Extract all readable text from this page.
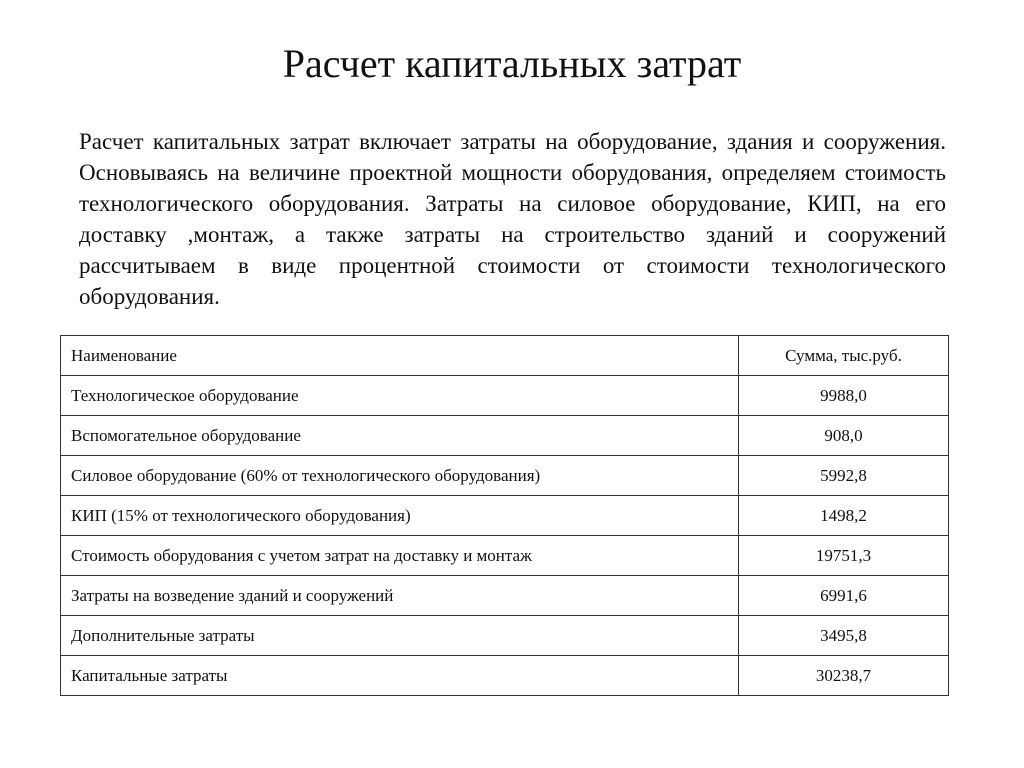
Расчет капитальных затрат
Расчет капитальных затрат включает затраты на оборудование, здания и сооружения. Основываясь на величине проектной мощности оборудования, определяем стоимость технологического оборудования. Затраты на силовое оборудование, КИП, на его доставку ,монтаж, а также затраты на строительство зданий и сооружений рассчитываем в виде процентной стоимости от стоимости технологического оборудования.
Наименование	Сумма, тыс.руб.
Технологическое оборудование	9988,0
Вспомогательное оборудование	908,0
Силовое оборудование (60% от технологического оборудования)	5992,8
КИП (15% от технологического оборудования)	1498,2
Стоимость оборудования с учетом затрат на доставку и монтаж	19751,3
Затраты на возведение зданий и сооружений	6991,6
Дополнительные затраты	3495,8
Капитальные затраты	30238,7
